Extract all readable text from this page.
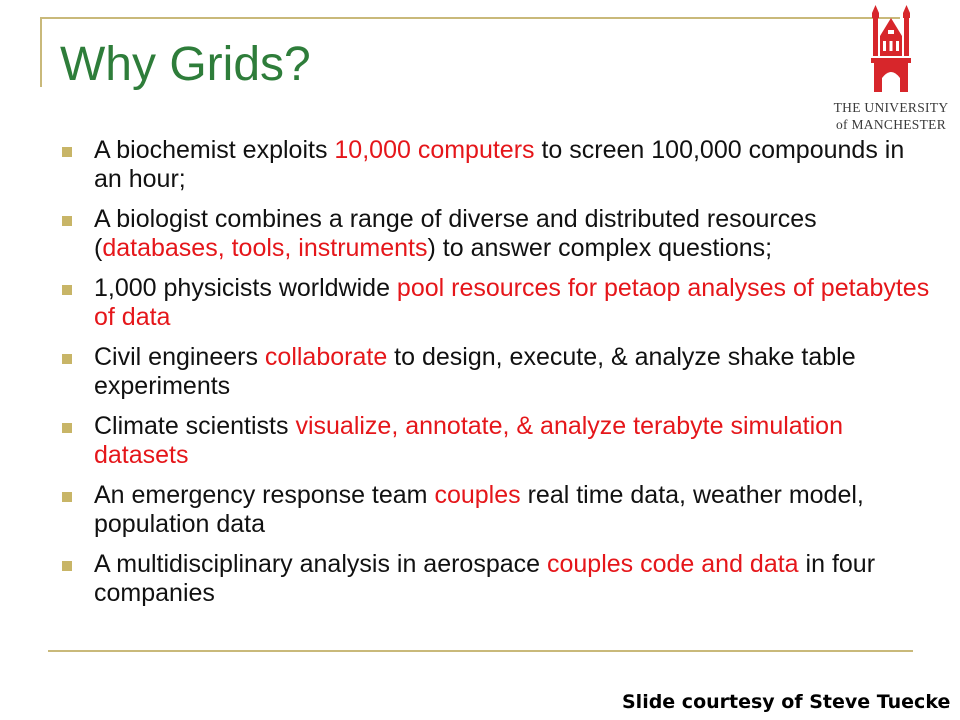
Why Grids?
THE UNIVERSITY
of MANCHESTER
A biochemist exploits 10,000 computers to screen 100,000 compounds in an hour;
A biologist combines a range of diverse and distributed resources (databases, tools, instruments) to answer complex questions;
1,000 physicists worldwide pool resources for petaop analyses of petabytes of data
Civil engineers collaborate to design, execute, & analyze shake table experiments
Climate scientists visualize, annotate, & analyze terabyte simulation datasets
An emergency response team couples real time data, weather model, population data
A multidisciplinary analysis in aerospace couples code and data in four companies
Slide courtesy of Steve Tuecke
